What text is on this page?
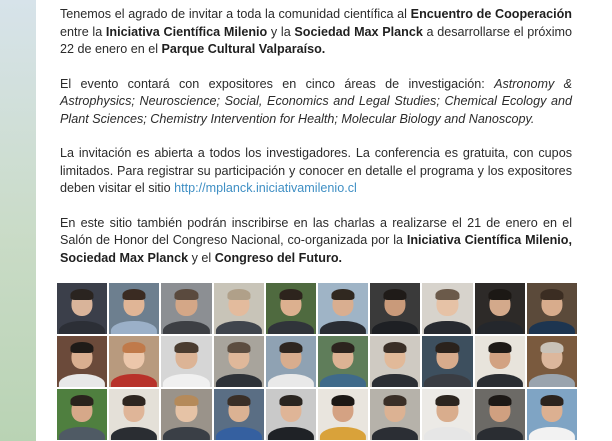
Tenemos el agrado de invitar a toda la comunidad científica al Encuentro de Cooperación entre la Iniciativa Científica Milenio y la Sociedad Max Planck a desarrollarse el próximo 22 de enero en el Parque Cultural Valparaíso.

El evento contará con expositores en cinco áreas de investigación: Astronomy & Astrophysics; Neuroscience; Social, Economics and Legal Studies; Chemical Ecology and Plant Sciences; Chemistry Intervention for Health; Molecular Biology and Nanoscopy.

La invitación es abierta a todos los investigadores. La conferencia es gratuita, con cupos limitados. Para registrar su participación y conocer en detalle el programa y los expositores deben visitar el sitio http://mplanck.iniciativamilenio.cl

En este sitio también podrán inscribirse en las charlas a realizarse el 21 de enero en el Salón de Honor del Congreso Nacional, co-organizada por la Iniciativa Científica Milenio, Sociedad Max Planck y el Congreso del Futuro.
